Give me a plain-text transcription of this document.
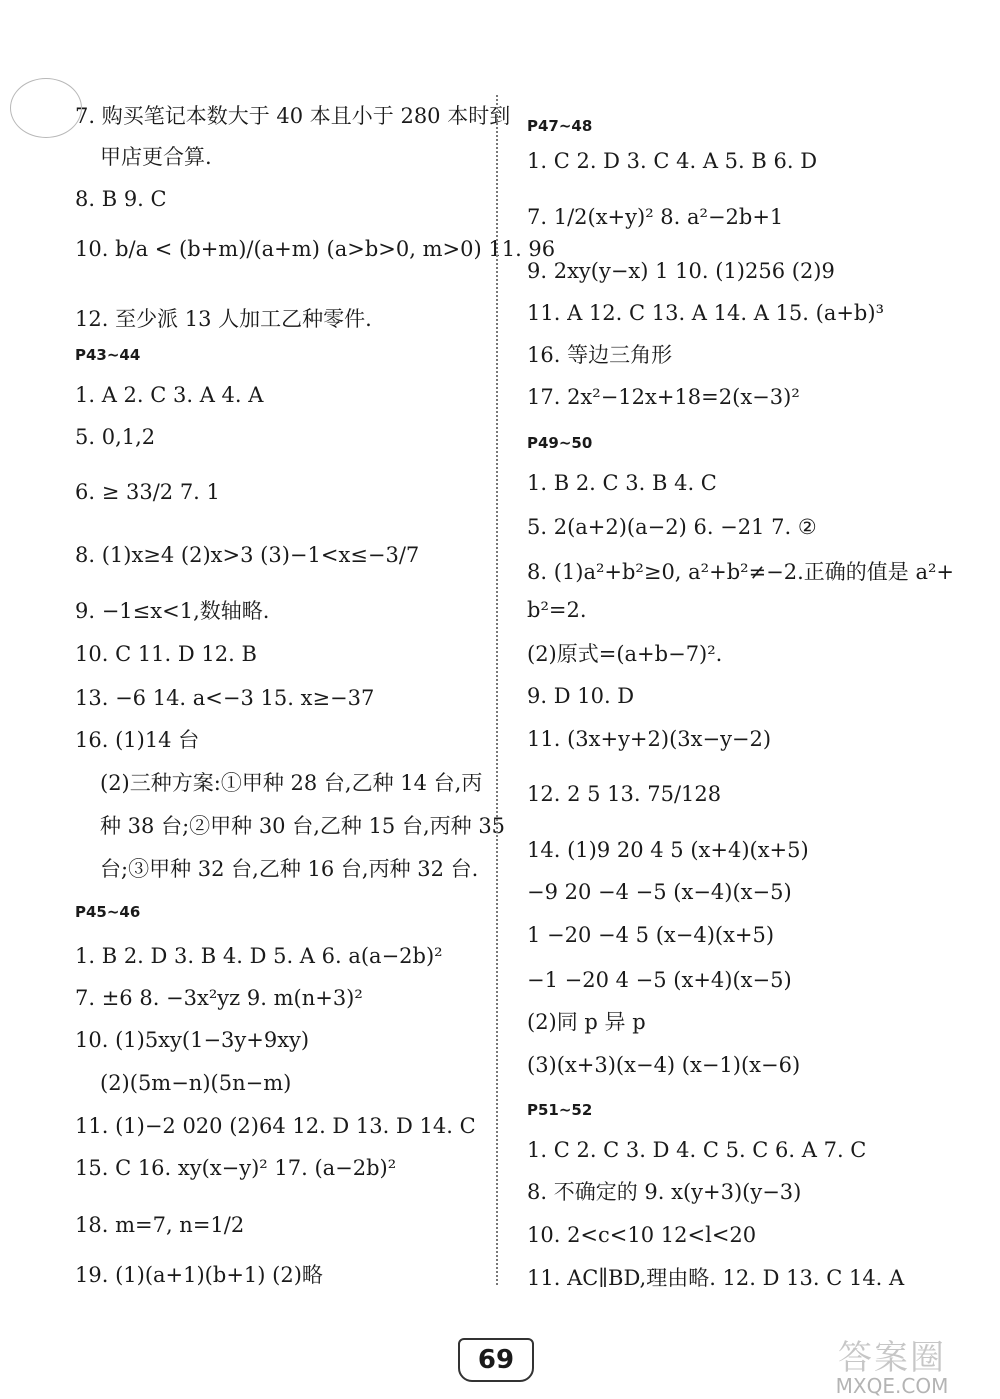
7. 购买笔记本数大于 40 本且小于 280 本时到
甲店更合算.
8. B 9. C
10. b/a < (b+m)/(a+m) (a>b>0, m>0) 11. 96
12. 至少派 13 人加工乙种零件.
P43~44
1. A 2. C 3. A 4. A
5. 0,1,2
6. ≥ 33/2 7. 1
8. (1)x≥4 (2)x>3 (3)−1<x≤−3/7
9. −1≤x<1,数轴略.
10. C 11. D 12. B
13. −6 14. a<−3 15. x≥−37
16. (1)14 台
(2)三种方案:①甲种 28 台,乙种 14 台,丙
种 38 台;②甲种 30 台,乙种 15 台,丙种 35
台;③甲种 32 台,乙种 16 台,丙种 32 台.
P45~46
1. B 2. D 3. B 4. D 5. A 6. a(a−2b)²
7. ±6 8. −3x²yz 9. m(n+3)²
10. (1)5xy(1−3y+9xy)
(2)(5m−n)(5n−m)
11. (1)−2 020 (2)64 12. D 13. D 14. C
15. C 16. xy(x−y)² 17. (a−2b)²
18. m=7, n=1/2
19. (1)(a+1)(b+1) (2)略
P47~48
1. C 2. D 3. C 4. A 5. B 6. D
7. 1/2(x+y)² 8. a²−2b+1
9. 2xy(y−x) 1 10. (1)256 (2)9
11. A 12. C 13. A 14. A 15. (a+b)³
16. 等边三角形
17. 2x²−12x+18=2(x−3)²
P49~50
1. B 2. C 3. B 4. C
5. 2(a+2)(a−2) 6. −21 7. ②
8. (1)a²+b²≥0, a²+b²≠−2.正确的值是 a²+
b²=2.
(2)原式=(a+b−7)².
9. D 10. D
11. (3x+y+2)(3x−y−2)
12. 2 5 13. 75/128
14. (1)9 20 4 5 (x+4)(x+5)
−9 20 −4 −5 (x−4)(x−5)
1 −20 −4 5 (x−4)(x+5)
−1 −20 4 −5 (x+4)(x−5)
(2)同 p 异 p
(3)(x+3)(x−4) (x−1)(x−6)
P51~52
1. C 2. C 3. D 4. C 5. C 6. A 7. C
8. 不确定的 9. x(y+3)(y−3)
10. 2<c<10 12<l<20
11. AC∥BD,理由略. 12. D 13. C 14. A
69	答案圈
MXQE.COM
